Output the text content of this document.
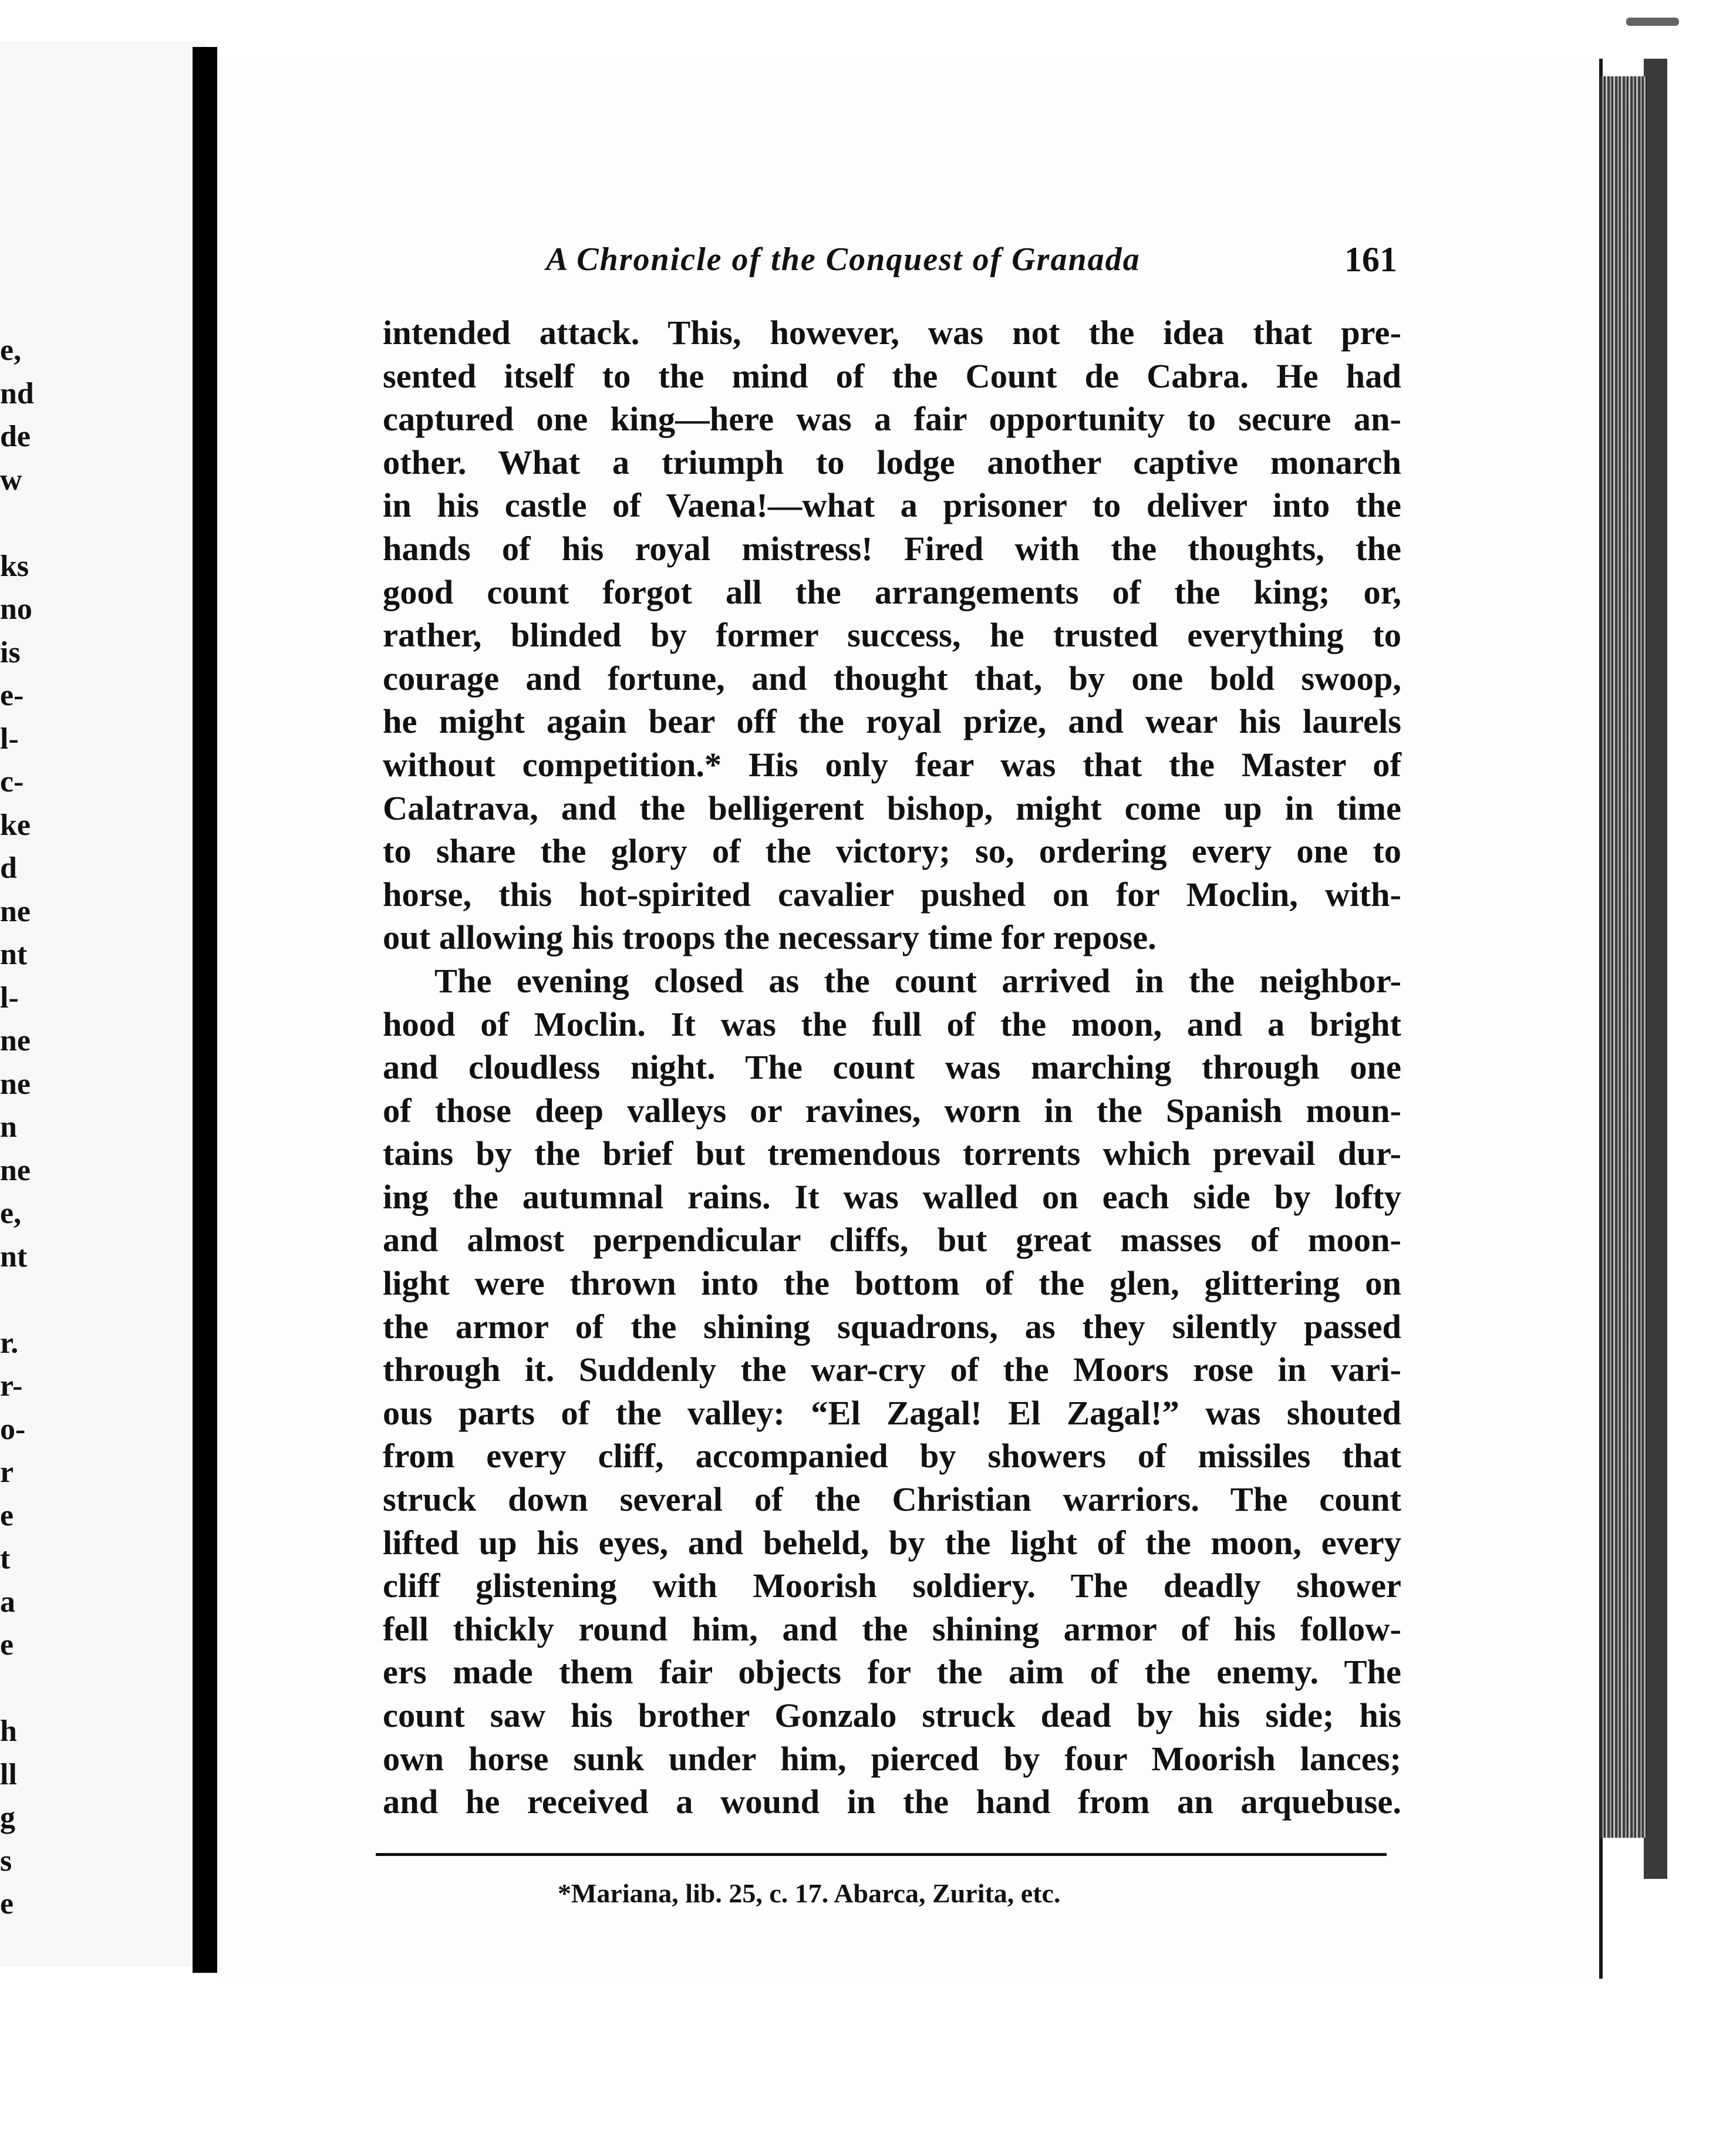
e,
nd
de
w
ks
no
is
e-
l-
c-
ke
d
ne
nt
l-
ne
ne
n
ne
e,
nt
r.
r-
o-
r
e
t
a
e
h
ll
g
s
e
A Chronicle of the Conquest of Granada	161
intended attack. This, however, was not the idea that pre-
sented itself to the mind of the Count de Cabra. He had
captured one king—here was a fair opportunity to secure an-
other. What a triumph to lodge another captive monarch
in his castle of Vaena!—what a prisoner to deliver into the
hands of his royal mistress! Fired with the thoughts, the
good count forgot all the arrangements of the king; or,
rather, blinded by former success, he trusted everything to
courage and fortune, and thought that, by one bold swoop,
he might again bear off the royal prize, and wear his laurels
without competition.* His only fear was that the Master of
Calatrava, and the belligerent bishop, might come up in time
to share the glory of the victory; so, ordering every one to
horse, this hot-spirited cavalier pushed on for Moclin, with-
out allowing his troops the necessary time for repose.
The evening closed as the count arrived in the neighbor-
hood of Moclin. It was the full of the moon, and a bright
and cloudless night. The count was marching through one
of those deep valleys or ravines, worn in the Spanish moun-
tains by the brief but tremendous torrents which prevail dur-
ing the autumnal rains. It was walled on each side by lofty
and almost perpendicular cliffs, but great masses of moon-
light were thrown into the bottom of the glen, glittering on
the armor of the shining squadrons, as they silently passed
through it. Suddenly the war-cry of the Moors rose in vari-
ous parts of the valley: “El Zagal! El Zagal!” was shouted
from every cliff, accompanied by showers of missiles that
struck down several of the Christian warriors. The count
lifted up his eyes, and beheld, by the light of the moon, every
cliff glistening with Moorish soldiery. The deadly shower
fell thickly round him, and the shining armor of his follow-
ers made them fair objects for the aim of the enemy. The
count saw his brother Gonzalo struck dead by his side; his
own horse sunk under him, pierced by four Moorish lances;
and he received a wound in the hand from an arquebuse.
*Mariana, lib. 25, c. 17. Abarca, Zurita, etc.
